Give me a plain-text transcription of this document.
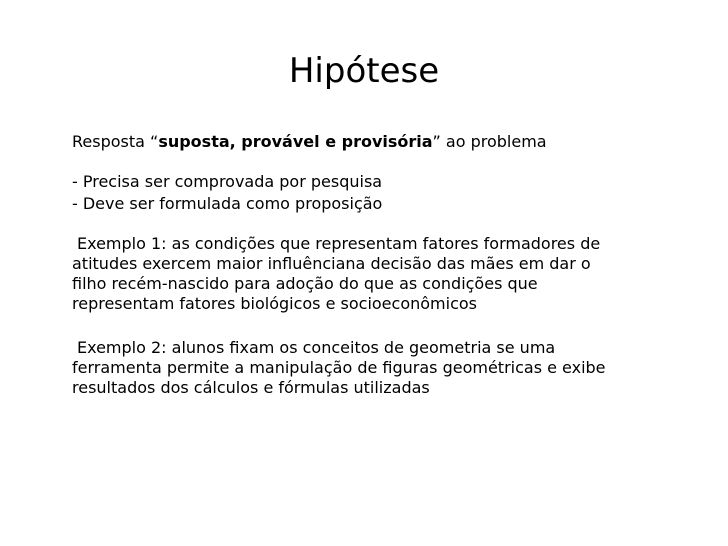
Hipótese

Resposta “suposta, provável e provisória” ao problema

- Precisa ser comprovada por pesquisa

- Deve ser formulada como proposição

Exemplo 1: as condições que representam fatores formadores de
atitudes exercem maior influênciana decisão das mães em dar o
filho recém-nascido para adoção do que as condições que
representam fatores biológicos e socioeconômicos

Exemplo 2: alunos fixam os conceitos de geometria se uma
ferramenta permite a manipulação de figuras geométricas e exibe
resultados dos cálculos e fórmulas utilizadas
